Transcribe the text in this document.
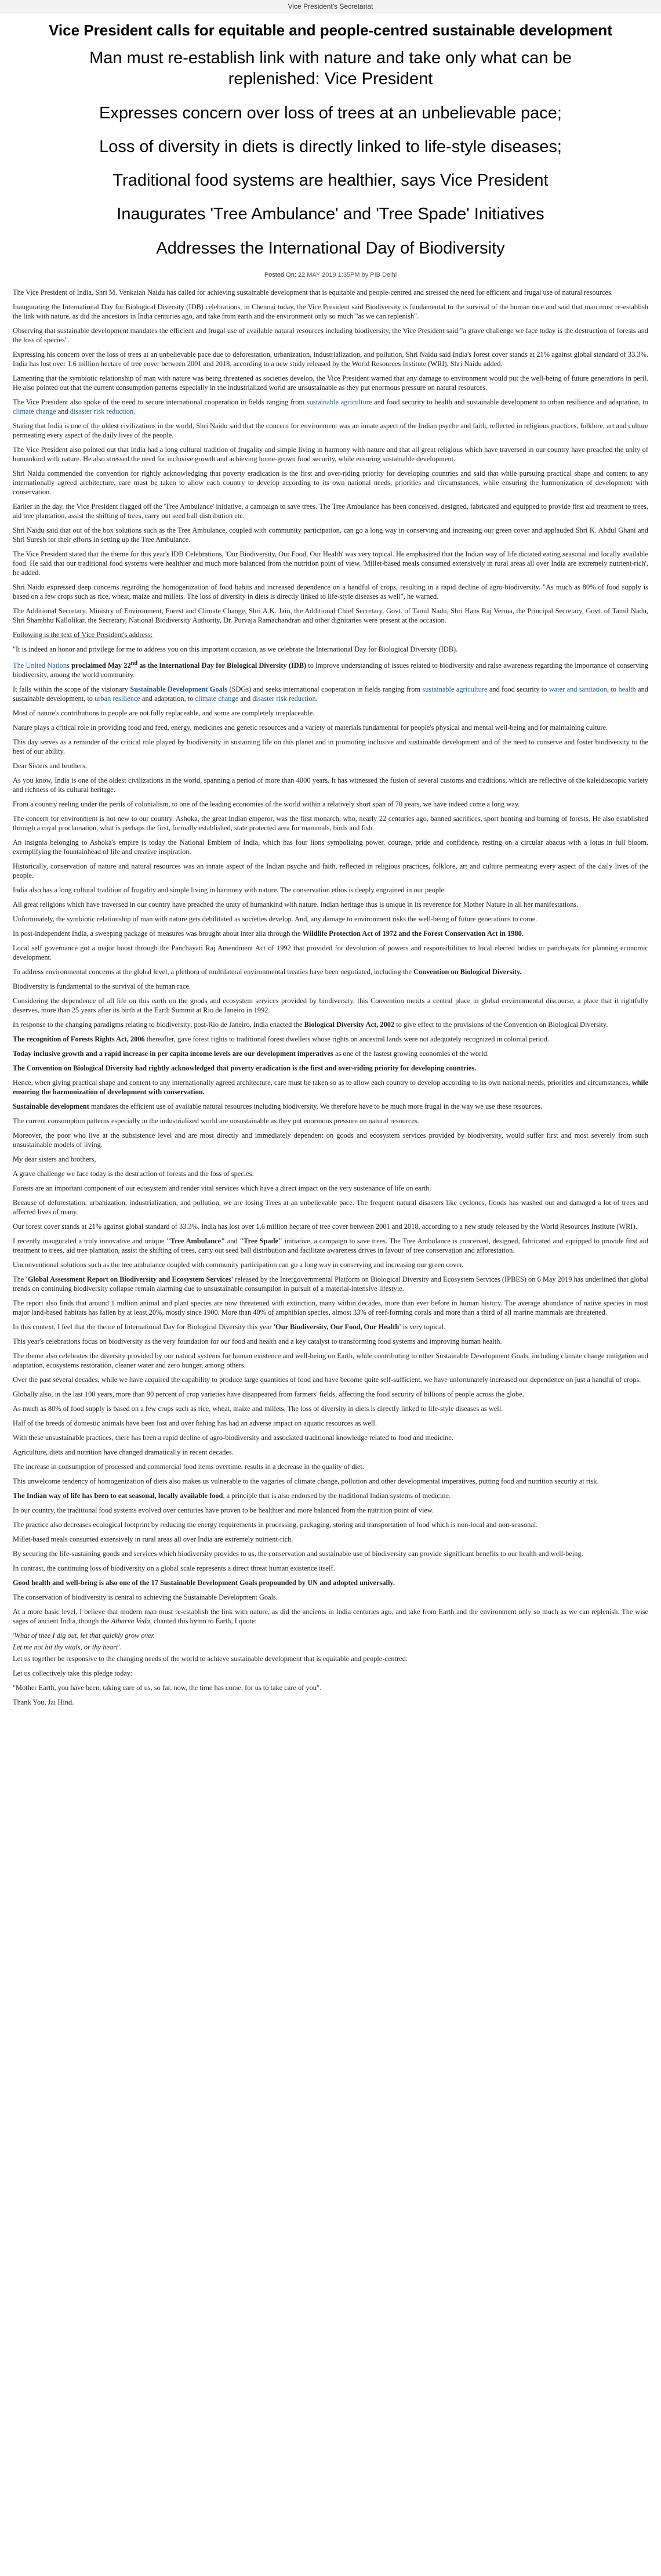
Vice President's Secretariat
Vice President calls for equitable and people-centred sustainable development
Man must re-establish link with nature and take only what can be replenished: Vice President
Expresses concern over loss of trees at an unbelievable pace;
Loss of diversity in diets is directly linked to life-style diseases;
Traditional food systems are healthier, says Vice President
Inaugurates 'Tree Ambulance' and 'Tree Spade' Initiatives
Addresses the International Day of Biodiversity
Posted On: 22 MAY 2019 1:35PM by PIB Delhi

The Vice President of India, Shri M. Venkaiah Naidu has called for achieving sustainable development that is equitable and people-centred and stressed the need for efficient and frugal use of natural resources.

Inaugurating the International Day for Biological Diversity (IDB) celebrations, in Chennai today, the Vice President said Biodiversity is fundamental to the survival of the human race and said that man must re-establish the link with nature, as did the ancestors in India centuries ago, and take from earth and the environment only so much "as we can replenish".

Observing that sustainable development mandates the efficient and frugal use of available natural resources including biodiversity, the Vice President said "a grave challenge we face today is the destruction of forests and the loss of species".

Expressing his concern over the loss of trees at an unbelievable pace due to deforestation, urbanization, industrialization, and pollution, Shri Naidu said India's forest cover stands at 21% against global standard of 33.3%. India has lost over 1.6 million hectare of tree cover between 2001 and 2018, according to a new study released by the World Resources Institute (WRI), Shri Naidu added.

Lamenting that the symbiotic relationship of man with nature was being threatened as societies develop, the Vice President warned that any damage to environment would put the well-being of future generations in peril. He also pointed out that the current consumption patterns especially in the industrialized world are unsustainable as they put enormous pressure on natural resources.

The Vice President also spoke of the need to secure international cooperation in fields ranging from sustainable agriculture and food security to health and sustainable development to urban resilience and adaptation, to climate change and disaster risk reduction.

Stating that India is one of the oldest civilizations in the world, Shri Naidu said that the concern for environment was an innate aspect of the Indian psyche and faith, reflected in religious practices, folklore, art and culture permeating every aspect of the daily lives of the people.

The Vice President also pointed out that India had a long cultural tradition of frugality and simple living in harmony with nature and that all great religious which have traversed in our country have preached the unity of humankind with nature. He also stressed the need for inclusive growth and achieving home-grown food security, while ensuring sustainable development.

Shri Naidu commended the convention for rightly acknowledging that poverty eradication is the first and over-riding priority for developing countries and said that while pursuing practical shape and content to any internationally agreed architecture, care must be taken to allow each country to develop according to its own national needs, priorities and circumstances, while ensuring the harmonization of development with conservation.

Earlier in the day, the Vice President flagged off the 'Tree Ambulance' initiative, a campaign to save trees. The Tree Ambulance has been conceived, designed, fabricated and equipped to provide first aid treatment to trees, aid tree plantation, assist the shifting of trees, carry out seed ball distribution etc.

Shri Naidu said that out of the box solutions such as the Tree Ambulance, coupled with community participation, can go a long way in conserving and increasing our green cover and applauded Shri K. Abdul Ghani and Shri Suresh for their efforts in setting up the Tree Ambulance.

The Vice President stated that the theme for this year's IDB Celebrations, 'Our Biodiversity, Our Food, Our Health' was very topical. He emphasized that the Indian way of life dictated eating seasonal and locally available food. He said that our traditional food systems were healthier and much more balanced from the nutrition point of view. 'Millet-based meals consumed extensively in rural areas all over India are extremely nutrient-rich', he added.

Shri Naidu expressed deep concerns regarding the homogenization of food habits and increased dependence on a handful of crops, resulting in a rapid decline of agro-biodiversity. "As much as 80% of food supply is based on a few crops such as rice, wheat, maize and millets. The loss of diversity in diets is directly linked to life-style diseases as well", he warned.

The Additional Secretary, Ministry of Environment, Forest and Climate Change, Shri A.K. Jain, the Additional Chief Secretary, Govt. of Tamil Nadu, Shri Hans Raj Verma, the Principal Secretary, Govt. of Tamil Nadu, Shri Shambhu Kallolikar, the Secretary, National Biodiversity Authority, Dr. Purvaja Ramachandran and other dignitaries were present at the occasion.

Following is the text of Vice President's address:

"It is indeed an honor and privilege for me to address you on this important occasion, as we celebrate the International Day for Biological Diversity (IDB).

The United Nations proclaimed May 22nd as the International Day for Biological Diversity (IDB) to improve understanding of issues related to biodiversity and raise awareness regarding the importance of conserving biodiversity, among the world community.

It falls within the scope of the visionary Sustainable Development Goals (SDGs) and seeks international cooperation in fields ranging from sustainable agriculture and food security to water and sanitation, to health and sustainable development, to urban resilience and adaptation, to climate change and disaster risk reduction.

Most of nature's contributions to people are not fully replaceable, and some are completely irreplaceable.

Nature plays a critical role in providing food and feed, energy, medicines and genetic resources and a variety of materials fundamental for people's physical and mental well-being and for maintaining culture.

This day serves as a reminder of the critical role played by biodiversity in sustaining life on this planet and in promoting inclusive and sustainable development and of the need to conserve and foster biodiversity to the best of our ability.

Dear Sisters and brothers,

As you know, India is one of the oldest civilizations in the world, spanning a period of more than 4000 years. It has witnessed the fusion of several customs and traditions, which are reflective of the kaleidoscopic variety and richness of its cultural heritage.

From a country reeling under the perils of colonialism, to one of the leading economies of the world within a relatively short span of 70 years, we have indeed come a long way.

The concern for environment is not new to our country. Ashoka, the great Indian emperor, was the first monarch, who, nearly 22 centuries ago, banned sacrifices, sport hunting and burning of forests. He also established through a royal proclamation, what is perhaps the first, formally established, state protected area for mammals, birds and fish.

An insignia belonging to Ashoka's empire is today the National Emblem of India, which has four lions symbolizing power, courage, pride and confidence, resting on a circular abacus with a lotus in full bloom, exemplifying the fountainhead of life and creative inspiration.

Historically, conservation of nature and natural resources was an innate aspect of the Indian psyche and faith, reflected in religious practices, folklore, art and culture permeating every aspect of the daily lives of the people.

India also has a long cultural tradition of frugality and simple living in harmony with nature. The conservation ethos is deeply engrained in our people.

All great religions which have traversed in our country have preached the unity of humankind with nature. Indian heritage thus is unique in its reverence for Mother Nature in all her manifestations.

Unfortunately, the symbiotic relationship of man with nature gets debilitated as societies develop. And, any damage to environment risks the well-being of future generations to come.

In post-independent India, a sweeping package of measures was brought about inter alia through the Wildlife Protection Act of 1972 and the Forest Conservation Act in 1980.

Local self governance got a major boost through the Panchayati Raj Amendment Act of 1992 that provided for devolution of powers and responsibilities to local elected bodies or panchayats for planning economic development.

To address environmental concerns at the global level, a plethora of multilateral environmental treaties have been negotiated, including the Convention on Biological Diversity.

Biodiversity is fundamental to the survival of the human race.

Considering the dependence of all life on this earth on the goods and ecosystem services provided by biodiversity, this Convention merits a central place in global environmental discourse, a place that it rightfully deserves, more than 25 years after its birth at the Earth Summit at Rio de Janeiro in 1992.

In response to the changing paradigms relating to biodiversity, post-Rio de Janeiro, India enacted the Biological Diversity Act, 2002 to give effect to the provisions of the Convention on Biological Diversity.

The recognition of Forests Rights Act, 2006 thereafter, gave forest rights to traditional forest dwellers whose rights on ancestral lands were not adequately recognized in colonial period.

Today inclusive growth and a rapid increase in per capita income levels are our development imperatives as one of the fastest growing economies of the world.

The Convention on Biological Diversity had rightly acknowledged that poverty eradication is the first and over-riding priority for developing countries.

Hence, when giving practical shape and content to any internationally agreed architecture, care must be taken so as to allow each country to develop according to its own national needs, priorities and circumstances, while ensuring the harmonization of development with conservation.

Sustainable development mandates the efficient use of available natural resources including biodiversity. We therefore have to be much more frugal in the way we use these resources.

The current consumption patterns especially in the industrialized world are unsustainable as they put enormous pressure on natural resources.

Moreover, the poor who live at the subsistence level and are most directly and immediately dependent on goods and ecosystem services provided by biodiversity, would suffer first and most severely from such unsustainable models of living.

My dear sisters and brothers,

A grave challenge we face today is the destruction of forests and the loss of species.

Forests are an important component of our ecosystem and render vital services which have a direct impact on the very sustenance of life on earth.

Because of deforestation, urbanization, industrialization, and pollution, we are losing Trees at an unbelievable pace. The frequent natural disasters like cyclones, floods has washed out and damaged a lot of trees and affected lives of many.

Our forest cover stands at 21% against global standard of 33.3%. India has lost over 1.6 million hectare of tree cover between 2001 and 2018, according to a new study released by the World Resources Institute (WRI).

I recently inaugurated a truly innovative and unique "Tree Ambulance" and "Tree Spade" initiative, a campaign to save trees. The Tree Ambulance is conceived, designed, fabricated and equipped to provide first aid treatment to trees, aid tree plantation, assist the shifting of trees, carry out seed ball distribution and facilitate awareness drives in favour of tree conservation and afforestation.

Unconventional solutions such as the tree ambulance coupled with community participation can go a long way in conserving and increasing our green cover.

The 'Global Assessment Report on Biodiversity and Ecosystem Services' released by the Intergovernmental Platform on Biological Diversity and Ecosystem Services (IPBES) on 6 May 2019 has underlined that global trends on continuing biodiversity collapse remain alarming due to unsustainable consumption in pursuit of a material-intensive lifestyle.

The report also finds that around 1 million animal and plant species are now threatened with extinction, many within decades, more than ever before in human history. The average abundance of native species in most major land-based habitats has fallen by at least 20%, mostly since 1900. More than 40% of amphibian species, almost 33% of reef-forming corals and more than a third of all marine mammals are threatened.

In this context, I feel that the theme of International Day for Biological Diversity this year 'Our Biodiversity, Our Food, Our Health' is very topical.

This year's celebrations focus on biodiversity as the very foundation for our food and health and a key catalyst to transforming food systems and improving human health.

The theme also celebrates the diversity provided by our natural systems for human existence and well-being on Earth, while contributing to other Sustainable Development Goals, including climate change mitigation and adaptation, ecosystems restoration, cleaner water and zero hunger, among others.

Over the past several decades, while we have acquired the capability to produce large quantities of food and have become quite self-sufficient, we have unfortunately increased our dependence on just a handful of crops.

Globally also, in the last 100 years, more than 90 percent of crop varieties have disappeared from farmers' fields, affecting the food security of billions of people across the globe.

As much as 80% of food supply is based on a few crops such as rice, wheat, maize and millets. The loss of diversity in diets is directly linked to life-style diseases as well.

Half of the breeds of domestic animals have been lost and over fishing has had an adverse impact on aquatic resources as well.

With these unsustainable practices, there has been a rapid decline of agro-biodiversity and associated traditional knowledge related to food and medicine.

Agriculture, diets and nutrition have changed dramatically in recent decades.

The increase in consumption of processed and commercial food items overtime, results in a decrease in the quality of diet.

This unwelcome tendency of homogenization of diets also makes us vulnerable to the vagaries of climate change, pollution and other developmental imperatives, putting food and nutrition security at risk.

The Indian way of life has been to eat seasonal, locally available food, a principle that is also endorsed by the traditional Indian systems of medicine.

In our country, the traditional food systems evolved over centuries have proven to be healthier and more balanced from the nutrition point of view.

The practice also decreases ecological footprint by reducing the energy requirements in processing, packaging, storing and transportation of food which is non-local and non-seasonal.

Millet-based meals consumed extensively in rural areas all over India are extremely nutrient-rich.

By securing the life-sustaining goods and services which biodiversity provides to us, the conservation and sustainable use of biodiversity can provide significant benefits to our health and well-being.

In contrast, the continuing loss of biodiversity on a global scale represents a direct threat human existence itself.

Good health and well-being is also one of the 17 Sustainable Development Goals propounded by UN and adopted universally.

The conservation of biodiversity is central to achieving the Sustainable Development Goals.

At a more basic level, I believe that modern man must re-establish the link with nature, as did the ancients in India centuries ago, and take from Earth and the environment only so much as we can replenish. The wise sages of ancient India, though the Atharva Veda, chanted this hymn to Earth, I quote:

'What of thee I dig out, let that quickly grow over.

Let me not hit thy vitals, or thy heart'.

Let us together be responsive to the changing needs of the world to achieve sustainable development that is equitable and people-centred.

Let us collectively take this pledge today:

"Mother Earth, you have been, taking care of us, so far, now, the time has come, for us to take care of you".

Thank You, Jai Hind.
